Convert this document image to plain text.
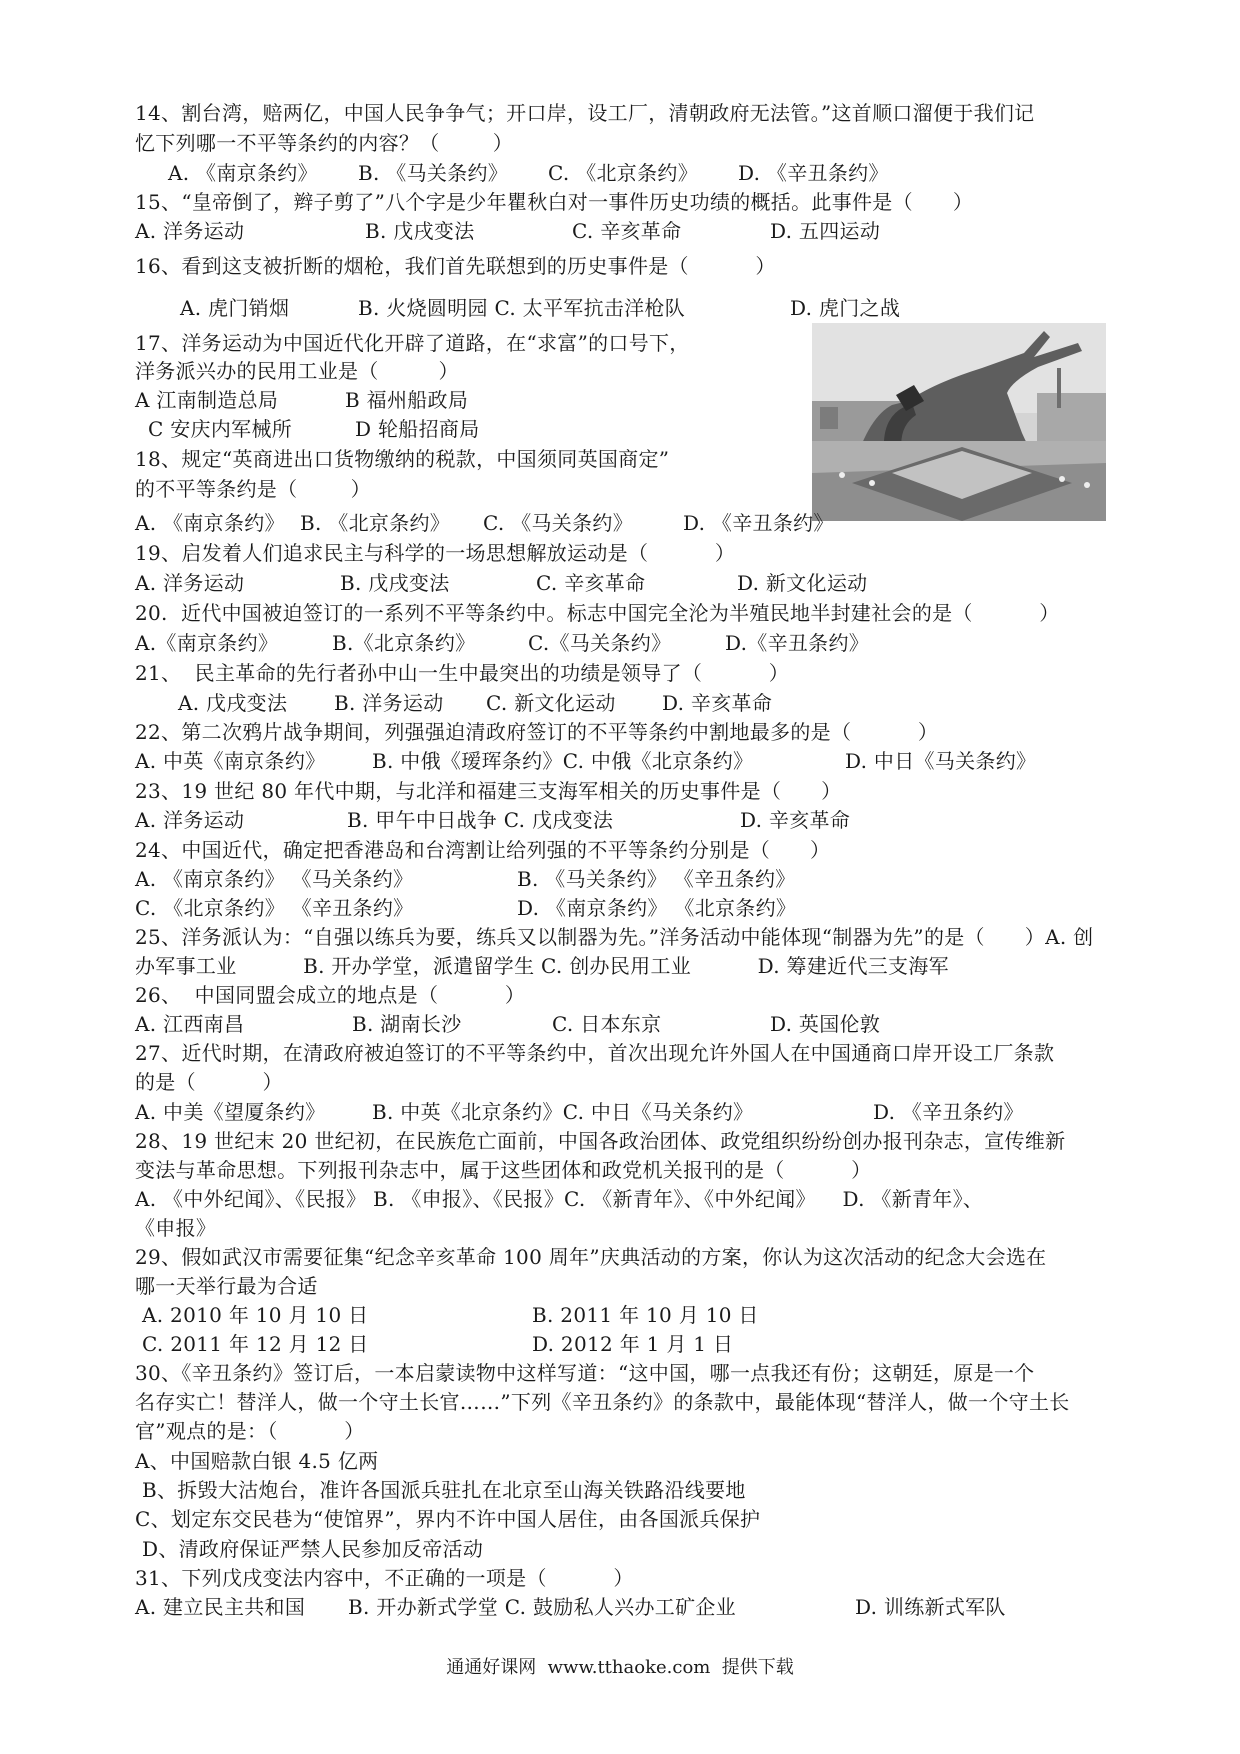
14、割台湾，赔两亿，中国人民争争气；开口岸，设工厂，清朝政府无法管。”这首顺口溜便于我们记
忆下列哪一不平等条约的内容？（        ）
A. 《南京条约》 B. 《马关条约》 C. 《北京条约》 D. 《辛丑条约》
15、“皇帝倒了，辫子剪了”八个字是少年瞿秋白对一事件历史功绩的概括。此事件是（      ）
A. 洋务运动	B. 戊戌变法	C. 辛亥革命	D. 五四运动
16、看到这支被折断的烟枪，我们首先联想到的历史事件是（          ）
A. 虎门销烟	B. 火烧圆明园 C. 太平军抗击洋枪队	D. 虎门之战
17、洋务运动为中国近代化开辟了道路，在“求富”的口号下，
洋务派兴办的民用工业是（         ）
A 江南制造总局	B 福州船政局
C 安庆内军械所	D 轮船招商局
18、规定“英商进出口货物缴纳的税款，中国须同英国商定”
的不平等条约是（        ）
A. 《南京条约》 B. 《北京条约》 C. 《马关条约》 D. 《辛丑条约》
19、启发着人们追求民主与科学的一场思想解放运动是（          ）
A. 洋务运动	B. 戊戌变法	C. 辛亥革命	D. 新文化运动
20.  近代中国被迫签订的一系列不平等条约中。标志中国完全沦为半殖民地半封建社会的是（          ）
A.《南京条约》	B.《北京条约》	C.《马关条约》	D.《辛丑条约》
21、  民主革命的先行者孙中山一生中最突出的功绩是领导了（          ）
A. 戊戌变法 B. 洋务运动 C. 新文化运动 D. 辛亥革命
22、第二次鸦片战争期间，列强强迫清政府签订的不平等条约中割地最多的是（          ）
A. 中英《南京条约》 B. 中俄《瑷珲条约》C. 中俄《北京条约》	D. 中日《马关条约》
23、19 世纪 80 年代中期，与北洋和福建三支海军相关的历史事件是（      ）
A. 洋务运动	B. 甲午中日战争 C. 戊戌变法	D. 辛亥革命
24、中国近代，确定把香港岛和台湾割让给列强的不平等条约分别是（      ）
A. 《南京条约》 《马关条约》	B. 《马关条约》 《辛丑条约》
C. 《北京条约》 《辛丑条约》	D. 《南京条约》 《北京条约》
25、洋务派认为：“自强以练兵为要，练兵又以制器为先。”洋务活动中能体现“制器为先”的是（      ）A. 创
办军事工业          B. 开办学堂，派遣留学生 C. 创办民用工业          D. 筹建近代三支海军
26、  中国同盟会成立的地点是（          ）
A. 江西南昌	B. 湖南长沙	C. 日本东京	D. 英国伦敦
27、近代时期，在清政府被迫签订的不平等条约中，首次出现允许外国人在中国通商口岸开设工厂条款
的是（          ）
A. 中美《望厦条约》 B. 中英《北京条约》C. 中日《马关条约》	D. 《辛丑条约》
28、19 世纪末 20 世纪初，在民族危亡面前，中国各政治团体、政党组织纷纷创办报刊杂志，宣传维新
变法与革命思想。下列报刊杂志中，属于这些团体和政党机关报刊的是（          ）
A. 《中外纪闻》、《民报》 B. 《申报》、《民报》C. 《新青年》、《中外纪闻》    D. 《新青年》、
《申报》
29、假如武汉市需要征集“纪念辛亥革命 100 周年”庆典活动的方案，你认为这次活动的纪念大会选在
哪一天举行最为合适
A. 2010 年 10 月 10 日	B. 2011 年 10 月 10 日
C. 2011 年 12 月 12 日	D. 2012 年 1 月 1 日
30、《辛丑条约》签订后，一本启蒙读物中这样写道：“这中国，哪一点我还有份；这朝廷，原是一个
名存实亡！替洋人，做一个守土长官……”下列《辛丑条约》的条款中，最能体现“替洋人，做一个守土长
官”观点的是：（          ）
A、中国赔款白银 4.5 亿两
B、拆毁大沽炮台，准许各国派兵驻扎在北京至山海关铁路沿线要地
C、划定东交民巷为“使馆界”，界内不许中国人居住，由各国派兵保护
D、清政府保证严禁人民参加反帝活动
31、下列戊戌变法内容中，不正确的一项是（          ）
A. 建立民主共和国 B. 开办新式学堂 C. 鼓励私人兴办工矿企业	D. 训练新式军队
通通好课网  www.tthaoke.com  提供下载
